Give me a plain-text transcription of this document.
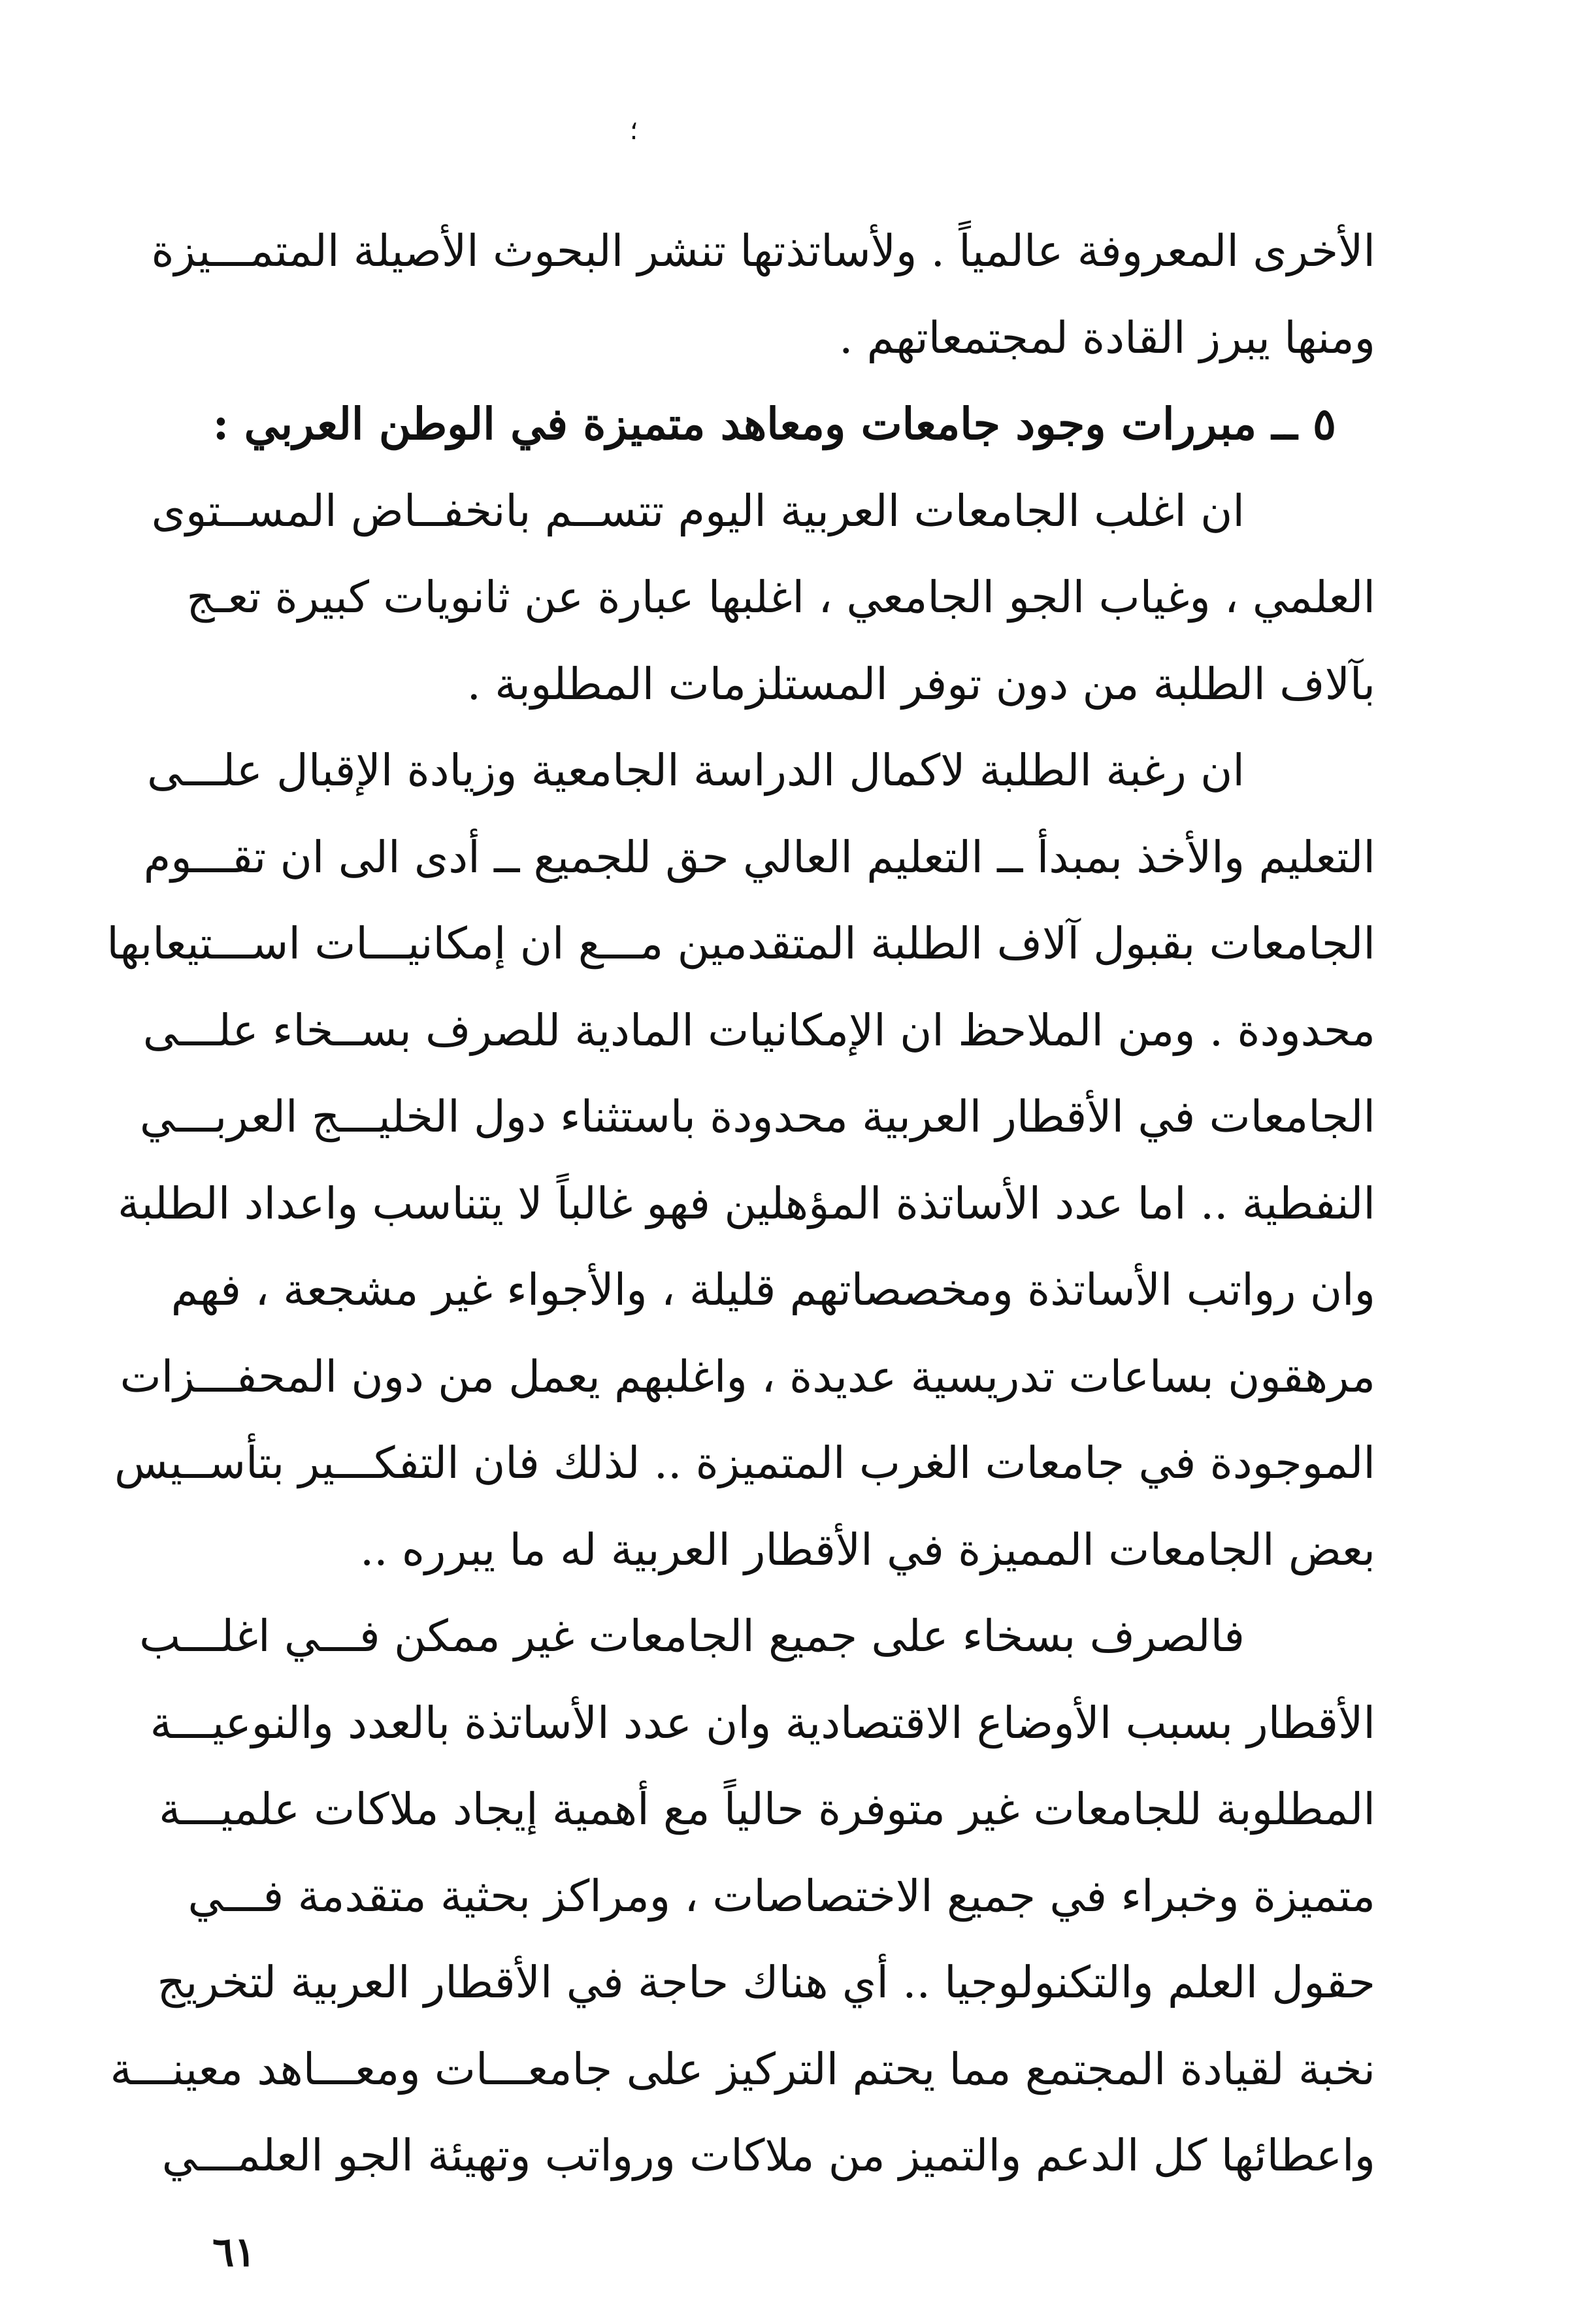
؛
الأخرى المعروفة عالمياً . ولأساتذتها تنشر البحوث الأصيلة المتمـــيزة
ومنها يبرز القادة لمجتمعاتهم .
٥ ــ مبررات وجود جامعات ومعاهد متميزة في الوطن العربي :
ان اغلب الجامعات العربية اليوم تتســم بانخفــاض المســتوى
العلمي ، وغياب الجو الجامعي ، اغلبها عبارة عن ثانويات كبيرة تعـج
بآلاف الطلبة من دون توفر المستلزمات المطلوبة .
ان رغبة الطلبة لاكمال الدراسة الجامعية وزيادة الإقبال علـــى
التعليم والأخذ بمبدأ ــ التعليم العالي حق للجميع ــ أدى الى ان تقـــوم
الجامعات بقبول آلاف الطلبة المتقدمين مـــع ان إمكانيـــات اســـتيعابها
محدودة . ومن الملاحظ ان الإمكانيات المادية للصرف بســخاء علـــى
الجامعات في الأقطار العربية محدودة باستثناء دول الخليـــج العربـــي
النفطية .. اما عدد الأساتذة المؤهلين فهو غالباً لا يتناسب واعداد الطلبة
وان رواتب الأساتذة ومخصصاتهم قليلة ، والأجواء غير مشجعة ، فهم
مرهقون بساعات تدريسية عديدة ، واغلبهم يعمل من دون المحفـــزات
الموجودة في جامعات الغرب المتميزة .. لذلك فان التفكـــير بتأســيس
بعض الجامعات المميزة في الأقطار العربية له ما يبرره ..
فالصرف بسخاء على جميع الجامعات غير ممكن فـــي اغلـــب
الأقطار بسبب الأوضاع الاقتصادية وان عدد الأساتذة بالعدد والنوعيـــة
المطلوبة للجامعات غير متوفرة حالياً مع أهمية إيجاد ملاكات علميـــة
متميزة وخبراء في جميع الاختصاصات ، ومراكز بحثية متقدمة فـــي
حقول العلم والتكنولوجيا .. أي هناك حاجة في الأقطار العربية لتخريج
نخبة لقيادة المجتمع مما يحتم التركيز على جامعـــات ومعـــاهد معينـــة
واعطائها كل الدعم والتميز من ملاكات ورواتب وتهيئة الجو العلمـــي
٦١
